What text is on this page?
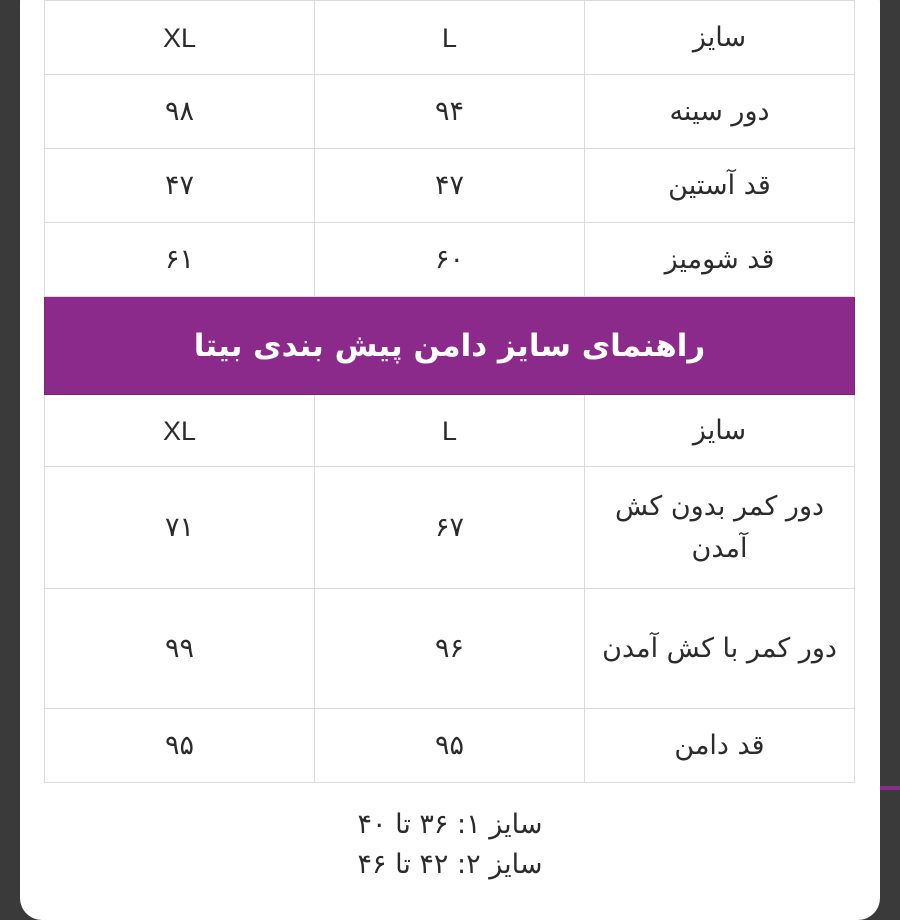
XL	L	سایز
۹۸	۹۴	دور سینه
۴۷	۴۷	قد آستین
۶۱	۶۰	قد شومیز
راهنمای سایز دامن پیش بندی بیتا		
XL	L	سایز
۷۱	۶۷	دور کمر بدون کش آمدن
۹۹	۹۶	دور کمر با کش آمدن
۹۵	۹۵	قد دامن
سایز ۱: ۳۶ تا ۴۰
سایز ۲: ۴۲ تا ۴۶
